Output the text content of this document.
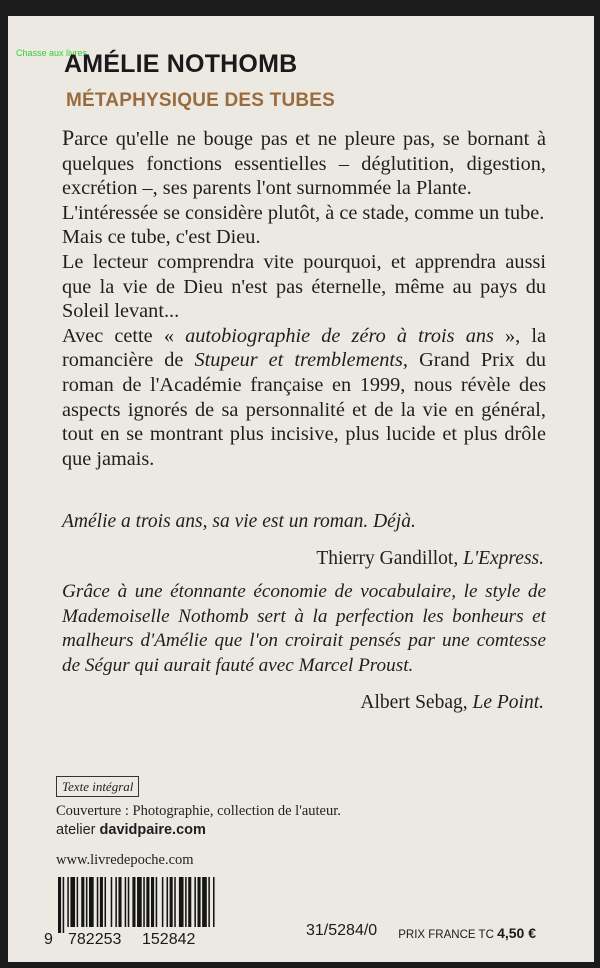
Chasse aux livres
AMÉLIE NOTHOMB
MÉTAPHYSIQUE DES TUBES

Parce qu'elle ne bouge pas et ne pleure pas, se bornant à quelques fonctions essentielles – déglutition, digestion, excrétion –, ses parents l'ont surnommée la Plante.

L'intéressée se considère plutôt, à ce stade, comme un tube.

Mais ce tube, c'est Dieu.

Le lecteur comprendra vite pourquoi, et apprendra aussi que la vie de Dieu n'est pas éternelle, même au pays du Soleil levant...

Avec cette « autobiographie de zéro à trois ans », la romancière de Stupeur et tremblements, Grand Prix du roman de l'Académie française en 1999, nous révèle des aspects ignorés de sa personnalité et de la vie en général, tout en se montrant plus incisive, plus lucide et plus drôle que jamais.

Amélie a trois ans, sa vie est un roman. Déjà.
Thierry Gandillot, L'Express.
Grâce à une étonnante économie de vocabulaire, le style de Mademoiselle Nothomb sert à la perfection les bonheurs et malheurs d'Amélie que l'on croirait pensés par une comtesse de Ségur qui aurait fauté avec Marcel Proust.
Albert Sebag, Le Point.
Texte intégral
Couverture : Photographie, collection de l'auteur.
atelier davidpaire.com
www.livredepoche.com
9 782253 152842
31/5284/0 PRIX FRANCE TC 4,50 €
